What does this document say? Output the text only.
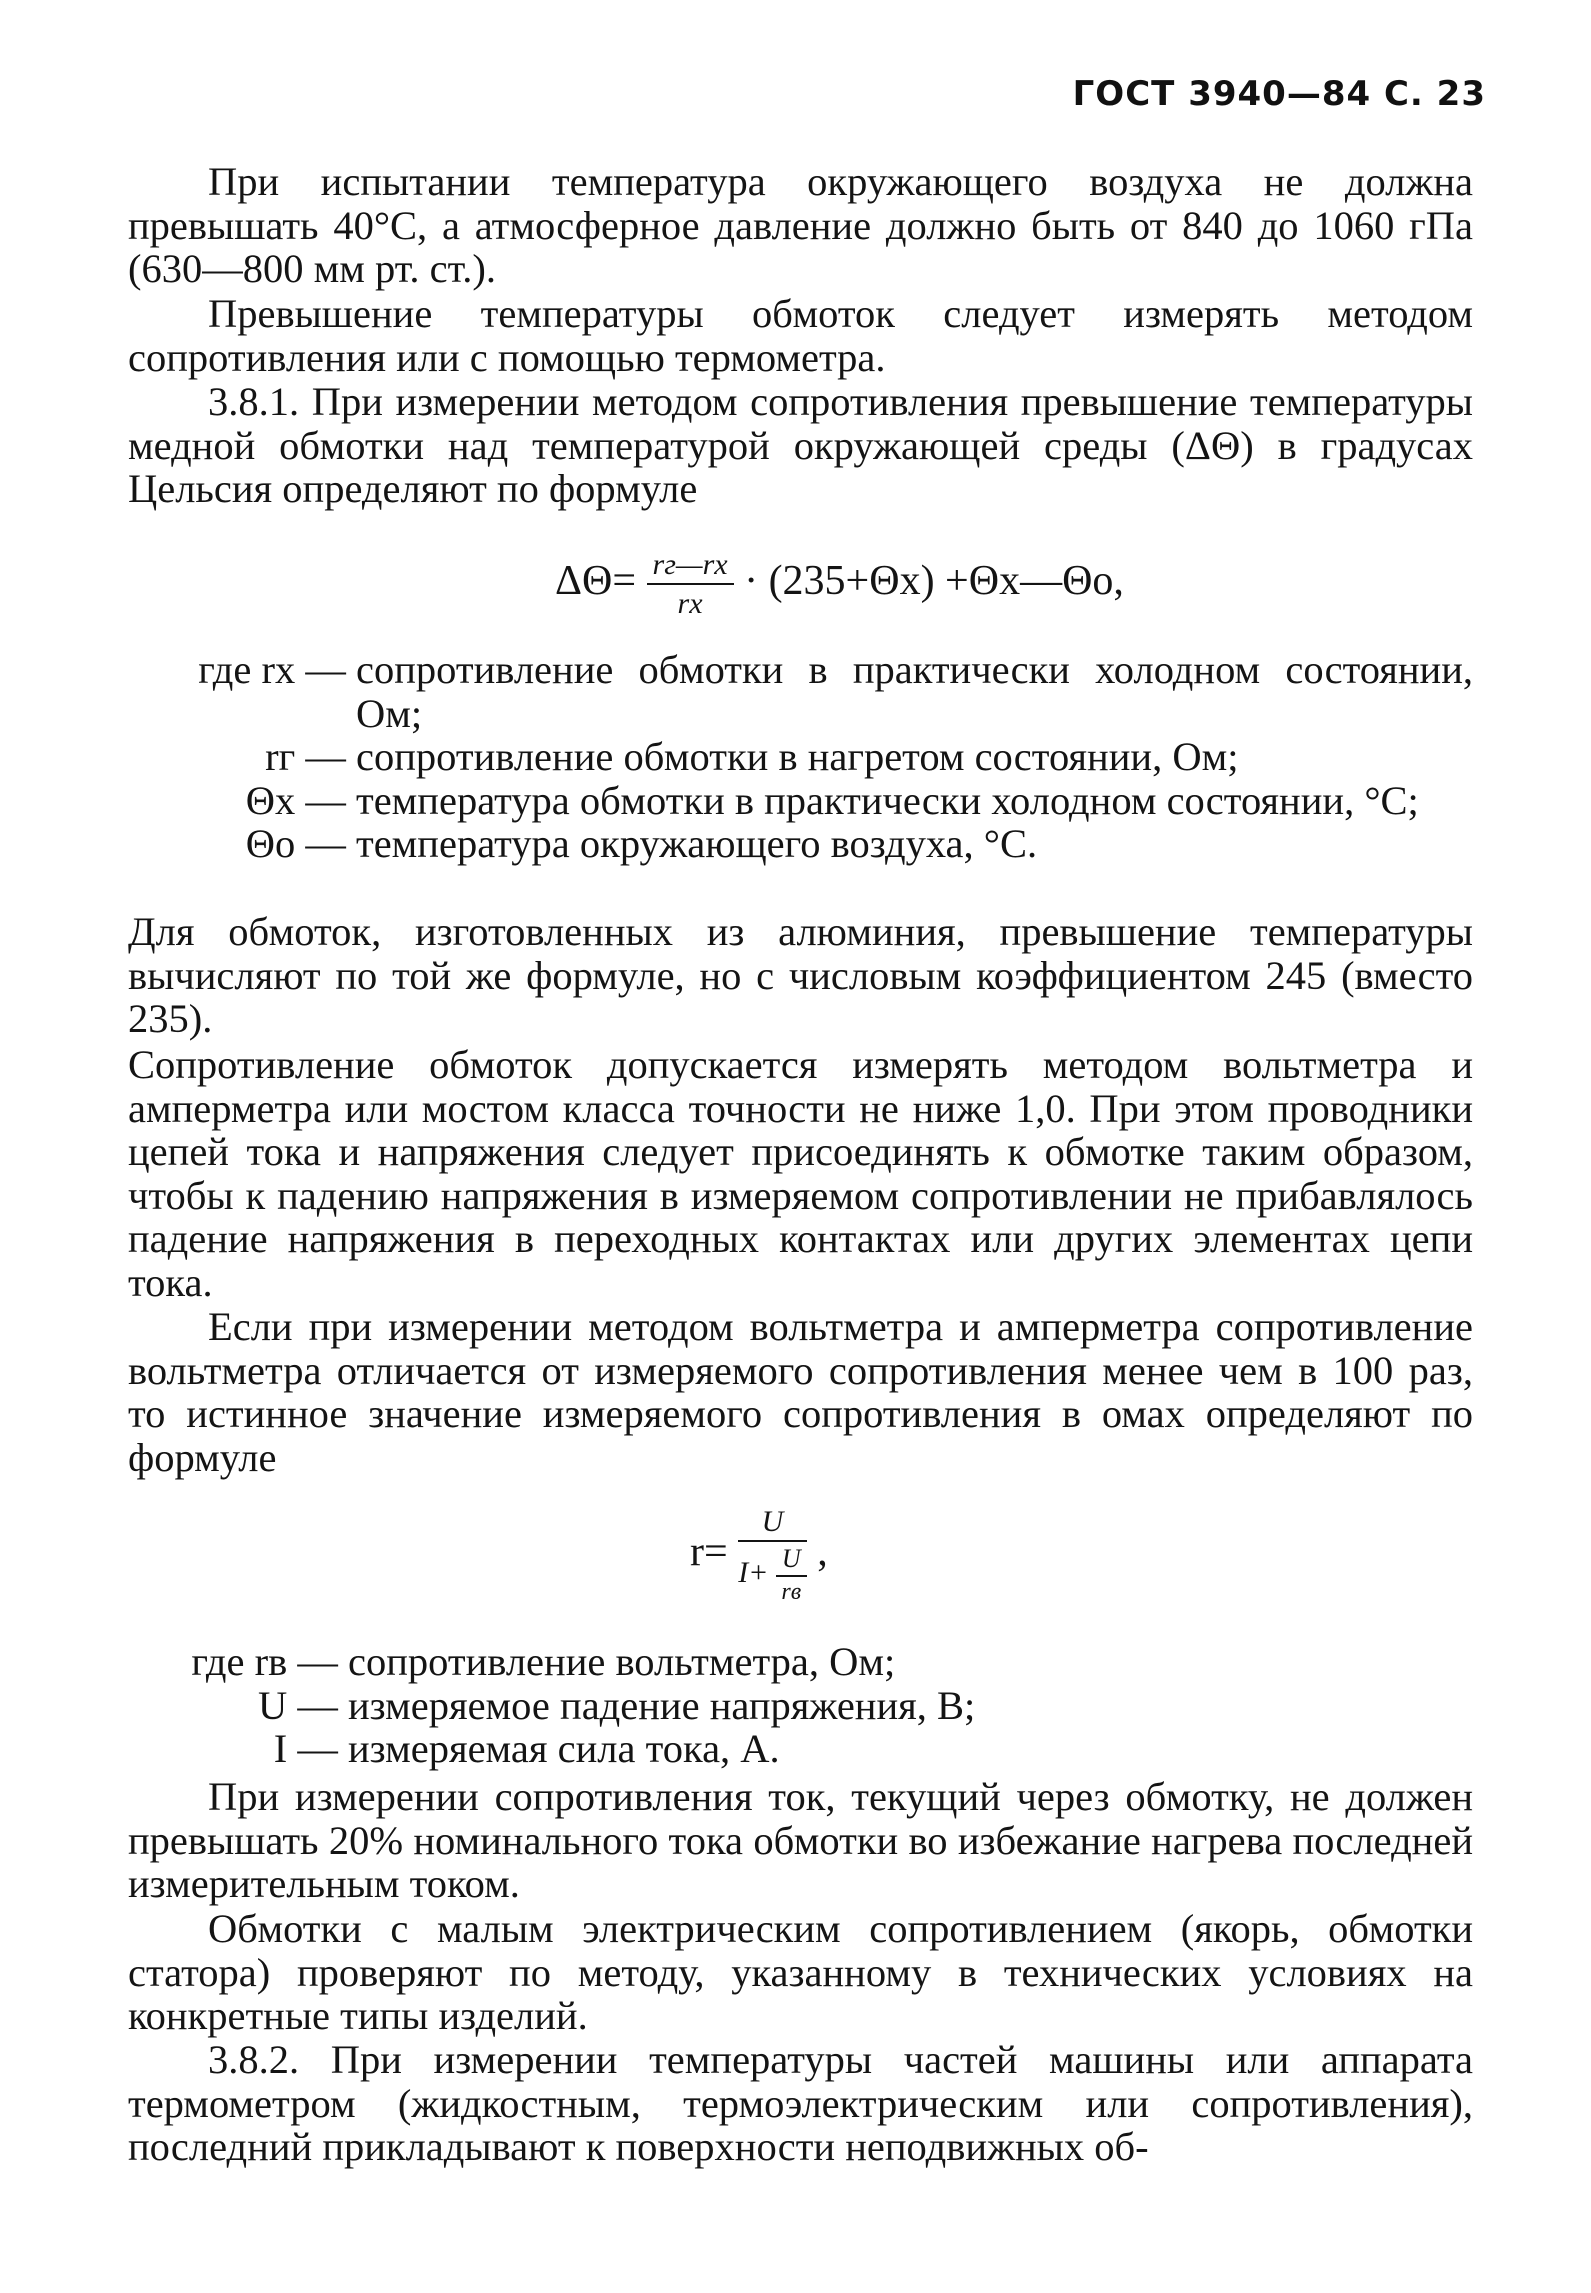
ГОСТ 3940—84 С. 23
При испытании температура окружающего воздуха не должна превышать 40°С, а атмосферное давление должно быть от 840 до 1060 гПа (630—800 мм рт. ст.).
Превышение температуры обмоток следует измерять методом сопротивления или с помощью термометра.
3.8.1. При измерении методом сопротивления превышение температуры медной обмотки над температурой окружающей среды (ΔΘ) в градусах Цельсия определяют по формуле
$\Delta\Theta= \frac{rг—rх}{rх} \cdot (235+\Theta х)$ +Θх—Θо,
где rх — сопротивление обмотки в практически холодном состоянии, Ом;
rг — сопротивление обмотки в нагретом состоянии, Ом;
Θх — температура обмотки в практически холодном состоянии, °С;
Θо — температура окружающего воздуха, °С.
Для обмоток, изготовленных из алюминия, превышение температуры вычисляют по той же формуле, но с числовым коэффициентом 245 (вместо 235).
Сопротивление обмоток допускается измерять методом вольтметра и амперметра или мостом класса точности не ниже 1,0. При этом проводники цепей тока и напряжения следует присоединять к обмотке таким образом, чтобы к падению напряжения в измеряемом сопротивлении не прибавлялось падение напряжения в переходных контактах или других элементах цепи тока.
Если при измерении методом вольтметра и амперметра сопротивление вольтметра отличается от измеряемого сопротивления менее чем в 100 раз, то истинное значение измеряемого сопротивления в омах определяют по формуле
$r= \frac{U}{I+ \frac{U}{rв}}$ ,
где rв — сопротивление вольтметра, Ом;
U — измеряемое падение напряжения, В;
I — измеряемая сила тока, А.
При измерении сопротивления ток, текущий через обмотку, не должен превышать 20% номинального тока обмотки во избежание нагрева последней измерительным током.
Обмотки с малым электрическим сопротивлением (якорь, обмотки статора) проверяют по методу, указанному в технических условиях на конкретные типы изделий.
3.8.2. При измерении температуры частей машины или аппарата термометром (жидкостным, термоэлектрическим или сопротивления), последний прикладывают к поверхности неподвижных об-
